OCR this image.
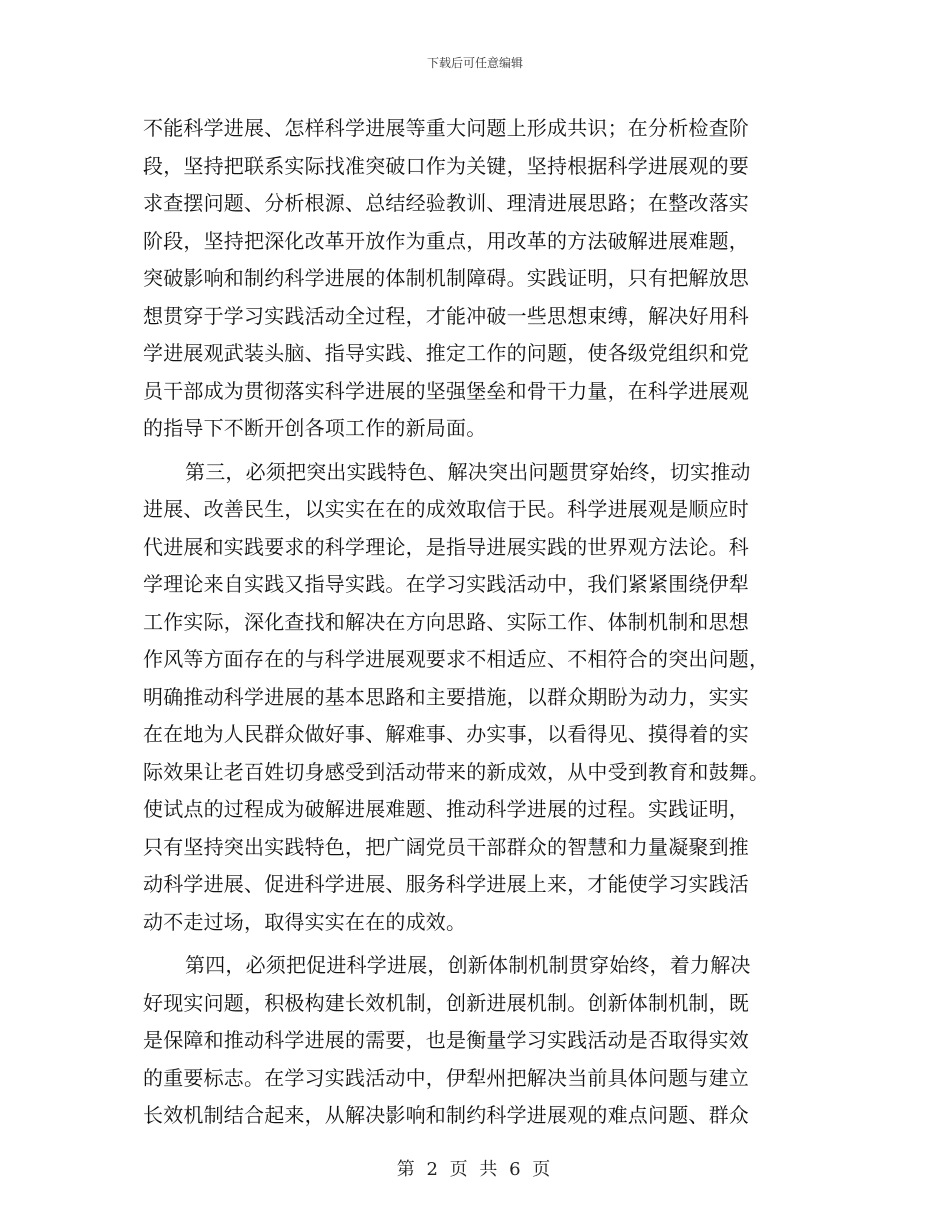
下载后可任意编辑
不能科学进展、怎样科学进展等重大问题上形成共识；在分析检查阶
段，坚持把联系实际找准突破口作为关键，坚持根据科学进展观的要
求查摆问题、分析根源、总结经验教训、理清进展思路；在整改落实
阶段，坚持把深化改革开放作为重点，用改革的方法破解进展难题，
突破影响和制约科学进展的体制机制障碍。实践证明，只有把解放思
想贯穿于学习实践活动全过程，才能冲破一些思想束缚，解决好用科
学进展观武装头脑、指导实践、推定工作的问题，使各级党组织和党
员干部成为贯彻落实科学进展的坚强堡垒和骨干力量，在科学进展观
的指导下不断开创各项工作的新局面。
第三，必须把突出实践特色、解决突出问题贯穿始终，切实推动
进展、改善民生，以实实在在的成效取信于民。科学进展观是顺应时
代进展和实践要求的科学理论，是指导进展实践的世界观方法论。科
学理论来自实践又指导实践。在学习实践活动中，我们紧紧围绕伊犁
工作实际，深化查找和解决在方向思路、实际工作、体制机制和思想
作风等方面存在的与科学进展观要求不相适应、不相符合的突出问题，
明确推动科学进展的基本思路和主要措施，以群众期盼为动力，实实
在在地为人民群众做好事、解难事、办实事，以看得见、摸得着的实
际效果让老百姓切身感受到活动带来的新成效，从中受到教育和鼓舞。
使试点的过程成为破解进展难题、推动科学进展的过程。实践证明，
只有坚持突出实践特色，把广阔党员干部群众的智慧和力量凝聚到推
动科学进展、促进科学进展、服务科学进展上来，才能使学习实践活
动不走过场，取得实实在在的成效。
第四，必须把促进科学进展，创新体制机制贯穿始终，着力解决
好现实问题，积极构建长效机制，创新进展机制。创新体制机制，既
是保障和推动科学进展的需要，也是衡量学习实践活动是否取得实效
的重要标志。在学习实践活动中，伊犁州把解决当前具体问题与建立
长效机制结合起来，从解决影响和制约科学进展观的难点问题、群众
第 2 页 共 6 页
